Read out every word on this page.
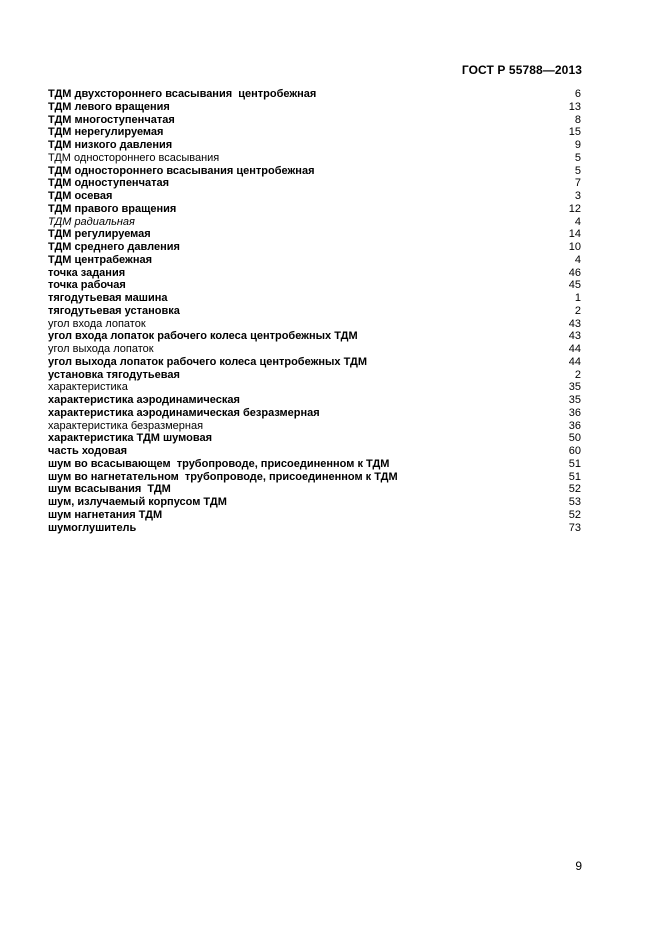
ГОСТ Р 55788—2013
ТДМ двухстороннего всасывания  центробежная	6
ТДМ левого вращения	13
ТДМ многоступенчатая	8
ТДМ нерегулируемая	15
ТДМ низкого давления	9
ТДМ одностороннего всасывания	5
ТДМ одностороннего всасывания центробежная	5
ТДМ одноступенчатая	7
ТДМ осевая	3
ТДМ правого вращения	12
ТДМ радиальная	4
ТДМ регулируемая	14
ТДМ среднего давления	10
ТДМ центрабежная	4
точка задания	46
точка рабочая	45
тягодутьевая машина	1
тягодутьевая установка	2
угол входа лопаток	43
угол входа лопаток рабочего колеса центробежных ТДМ	43
угол выхода лопаток	44
угол выхода лопаток рабочего колеса центробежных ТДМ	44
установка тягодутьевая	2
характеристика	35
характеристика аэродинамическая	35
характеристика аэродинамическая безразмерная	36
характеристика безразмерная	36
характеристика ТДМ шумовая	50
часть ходовая	60
шум во всасывающем  трубопроводе, присоединенном к ТДМ	51
шум во нагнетательном  трубопроводе, присоединенном к ТДМ	51
шум всасывания  ТДМ	52
шум, излучаемый корпусом ТДМ	53
шум нагнетания ТДМ	52
шумоглушитель	73
9
